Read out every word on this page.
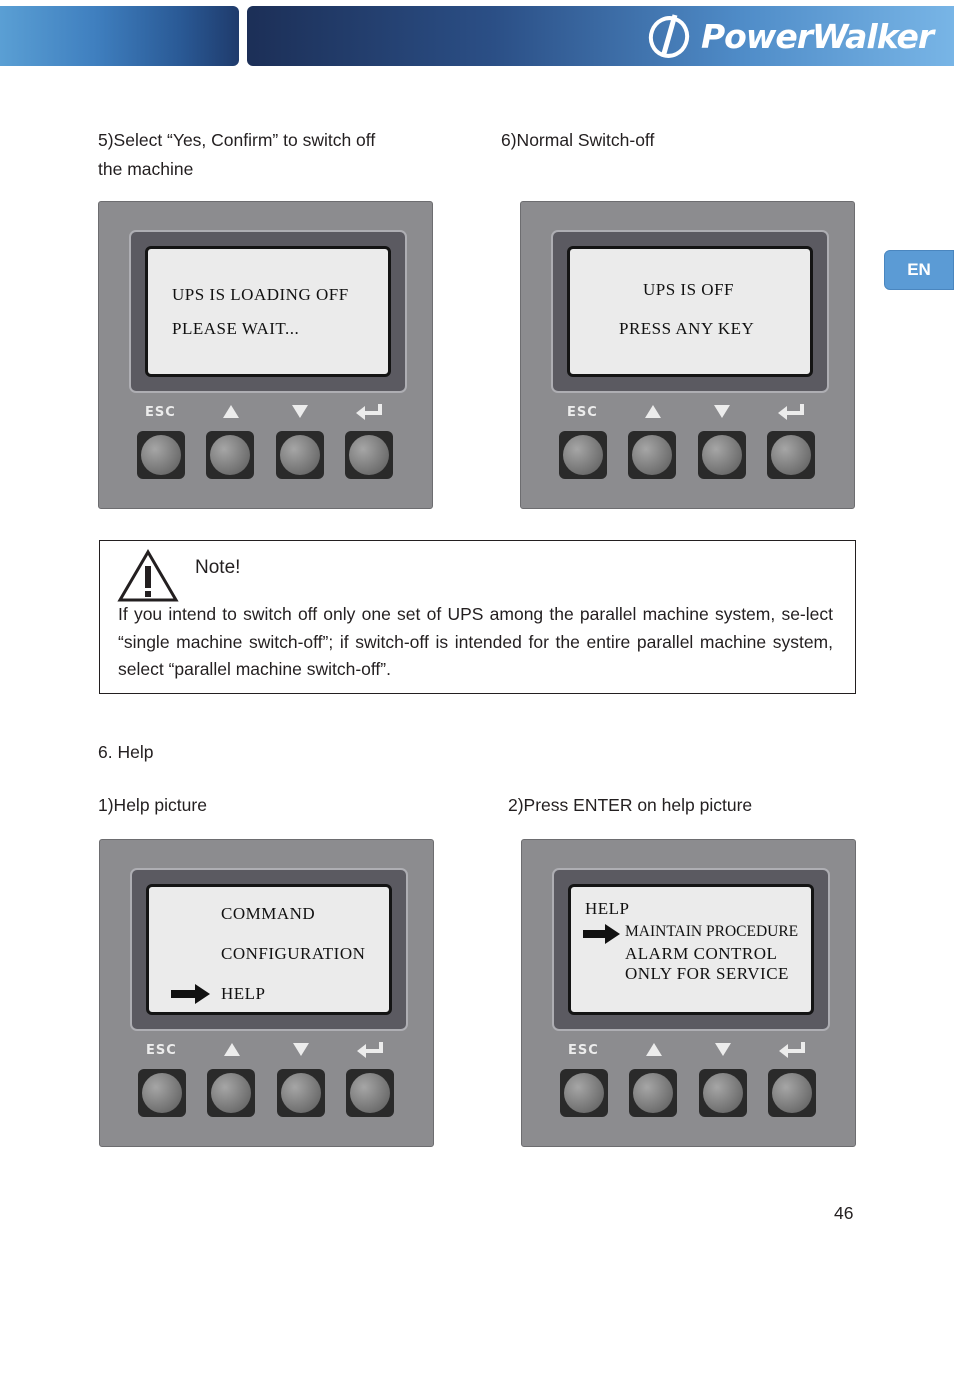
PowerWalker
EN
5)Select “Yes, Confirm” to switch off
the machine
6)Normal Switch-off
UPS IS LOADING OFF
PLEASE WAIT...
ESC
UPS IS OFF
PRESS ANY KEY
ESC
Note!
If you intend to switch off only one set of UPS among the parallel machine system, se-lect “single machine switch-off”; if switch-off is intended for the entire parallel machine system, select “parallel machine switch-off”.
6. Help
1)Help picture	2)Press ENTER on help picture
COMMAND
CONFIGURATION
HELP
ESC
HELP
MAINTAIN PROCEDURE
ALARM CONTROL
ONLY FOR SERVICE
ESC
46
